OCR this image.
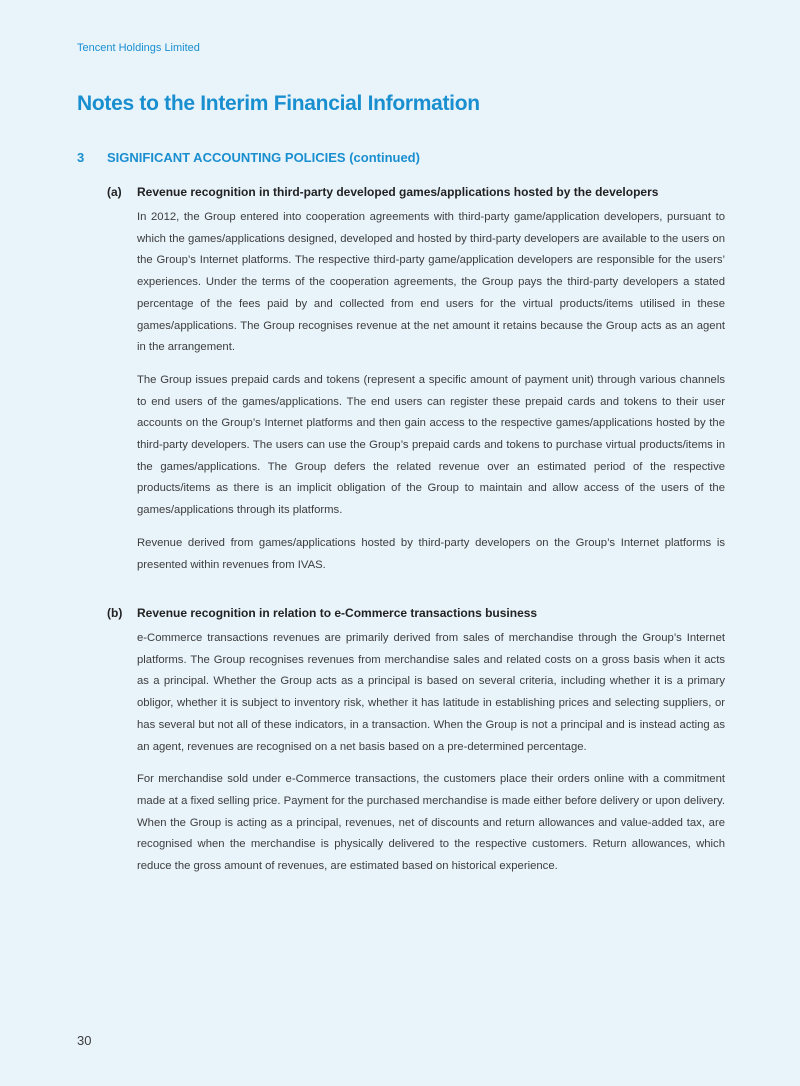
Tencent Holdings Limited
Notes to the Interim Financial Information
3	SIGNIFICANT ACCOUNTING POLICIES (continued)
(a)	Revenue recognition in third-party developed games/applications hosted by the developers

In 2012, the Group entered into cooperation agreements with third-party game/application developers, pursuant to which the games/applications designed, developed and hosted by third-party developers are available to the users on the Group’s Internet platforms. The respective third-party game/application developers are responsible for the users’ experiences. Under the terms of the cooperation agreements, the Group pays the third-party developers a stated percentage of the fees paid by and collected from end users for the virtual products/items utilised in these games/applications. The Group recognises revenue at the net amount it retains because the Group acts as an agent in the arrangement.

The Group issues prepaid cards and tokens (represent a specific amount of payment unit) through various channels to end users of the games/applications. The end users can register these prepaid cards and tokens to their user accounts on the Group’s Internet platforms and then gain access to the respective games/applications hosted by the third-party developers. The users can use the Group’s prepaid cards and tokens to purchase virtual products/items in the games/applications. The Group defers the related revenue over an estimated period of the respective products/items as there is an implicit obligation of the Group to maintain and allow access of the users of the games/applications through its platforms.

Revenue derived from games/applications hosted by third-party developers on the Group’s Internet platforms is presented within revenues from IVAS.

(b)	Revenue recognition in relation to e-Commerce transactions business

e-Commerce transactions revenues are primarily derived from sales of merchandise through the Group’s Internet platforms. The Group recognises revenues from merchandise sales and related costs on a gross basis when it acts as a principal. Whether the Group acts as a principal is based on several criteria, including whether it is a primary obligor, whether it is subject to inventory risk, whether it has latitude in establishing prices and selecting suppliers, or has several but not all of these indicators, in a transaction. When the Group is not a principal and is instead acting as an agent, revenues are recognised on a net basis based on a pre-determined percentage.

For merchandise sold under e-Commerce transactions, the customers place their orders online with a commitment made at a fixed selling price. Payment for the purchased merchandise is made either before delivery or upon delivery. When the Group is acting as a principal, revenues, net of discounts and return allowances and value-added tax, are recognised when the merchandise is physically delivered to the respective customers. Return allowances, which reduce the gross amount of revenues, are estimated based on historical experience.

30
